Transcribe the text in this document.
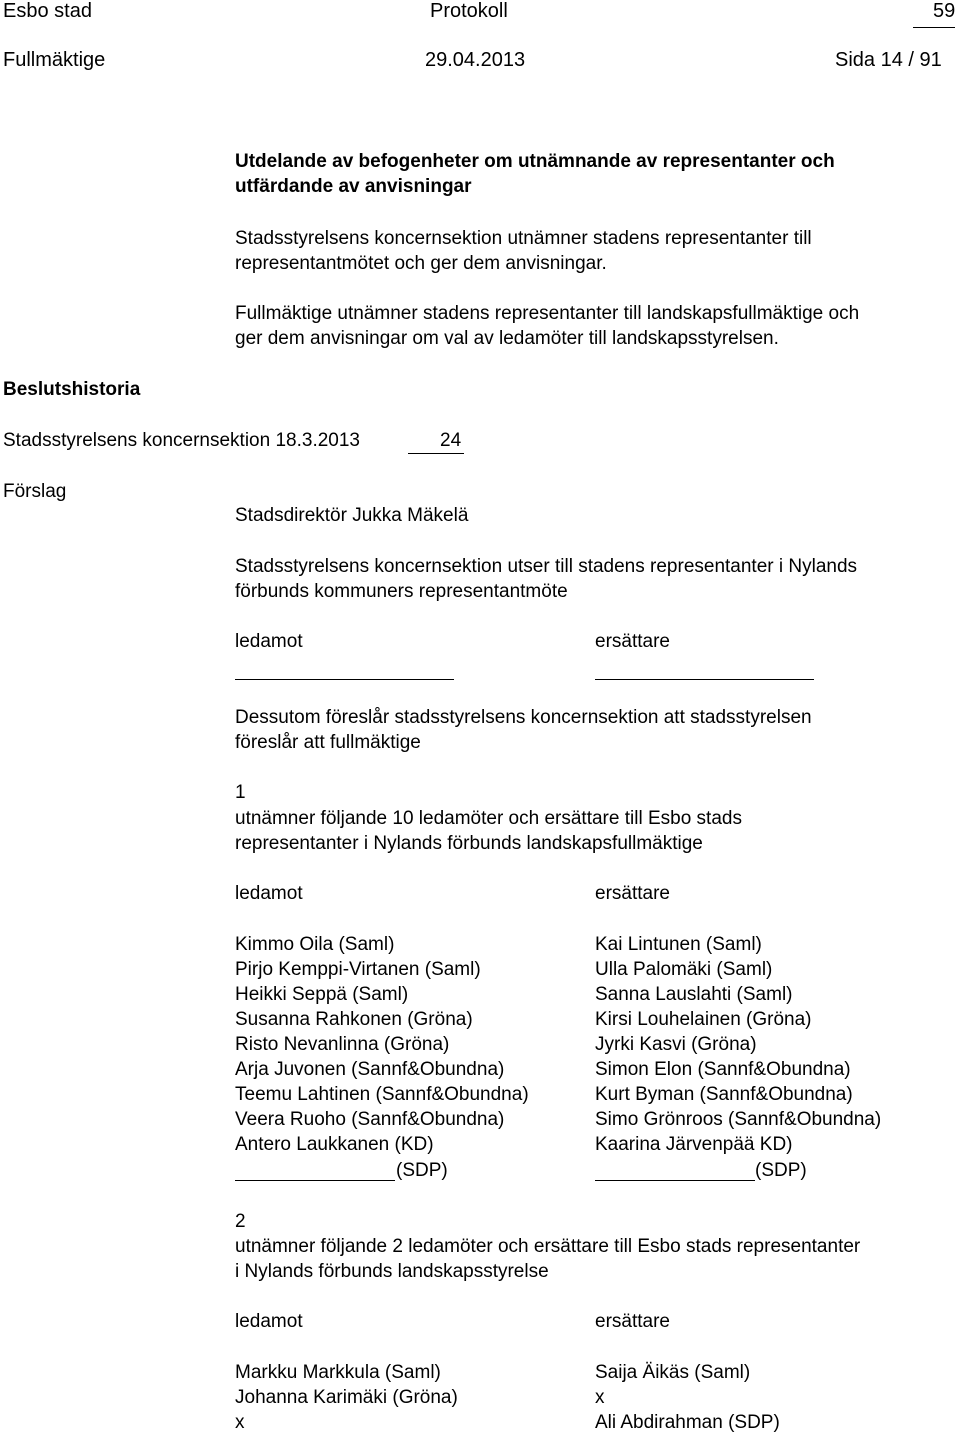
Esbo stad	Protokoll	59
Fullmäktige	29.04.2013	Sida 14 / 91
Utdelande av befogenheter om utnämnande av representanter och
utfärdande av anvisningar
Stadsstyrelsens koncernsektion utnämner stadens representanter till
representantmötet och ger dem anvisningar.
Fullmäktige utnämner stadens representanter till landskapsfullmäktige och
ger dem anvisningar om val av ledamöter till landskapsstyrelsen.
Beslutshistoria
Stadsstyrelsens koncernsektion 18.3.2013	24
Förslag
Stadsdirektör Jukka Mäkelä
Stadsstyrelsens koncernsektion utser till stadens representanter i Nylands
förbunds kommuners representantmöte
ledamot	ersättare
Dessutom föreslår stadsstyrelsens koncernsektion att stadsstyrelsen
föreslår att fullmäktige
1
utnämner följande 10 ledamöter och ersättare till Esbo stads
representanter i Nylands förbunds landskapsfullmäktige
ledamot	ersättare
Kimmo Oila (Saml)	Kai Lintunen (Saml)
Pirjo Kemppi-Virtanen (Saml)	Ulla Palomäki (Saml)
Heikki Seppä (Saml)	Sanna Lauslahti (Saml)
Susanna Rahkonen (Gröna)	Kirsi Louhelainen (Gröna)
Risto Nevanlinna (Gröna)	Jyrki Kasvi (Gröna)
Arja Juvonen (Sannf&Obundna)	Simon Elon (Sannf&Obundna)
Teemu Lahtinen (Sannf&Obundna)	Kurt Byman (Sannf&Obundna)
Veera Ruoho (Sannf&Obundna)	Simo Grönroos (Sannf&Obundna)
Antero Laukkanen (KD)	Kaarina Järvenpää KD)
(SDP)	(SDP)
2
utnämner följande 2 ledamöter och ersättare till Esbo stads representanter
i Nylands förbunds landskapsstyrelse
ledamot	ersättare
Markku Markkula (Saml)	Saija Äikäs (Saml)
Johanna Karimäki (Gröna)	x
x	Ali Abdirahman (SDP)
